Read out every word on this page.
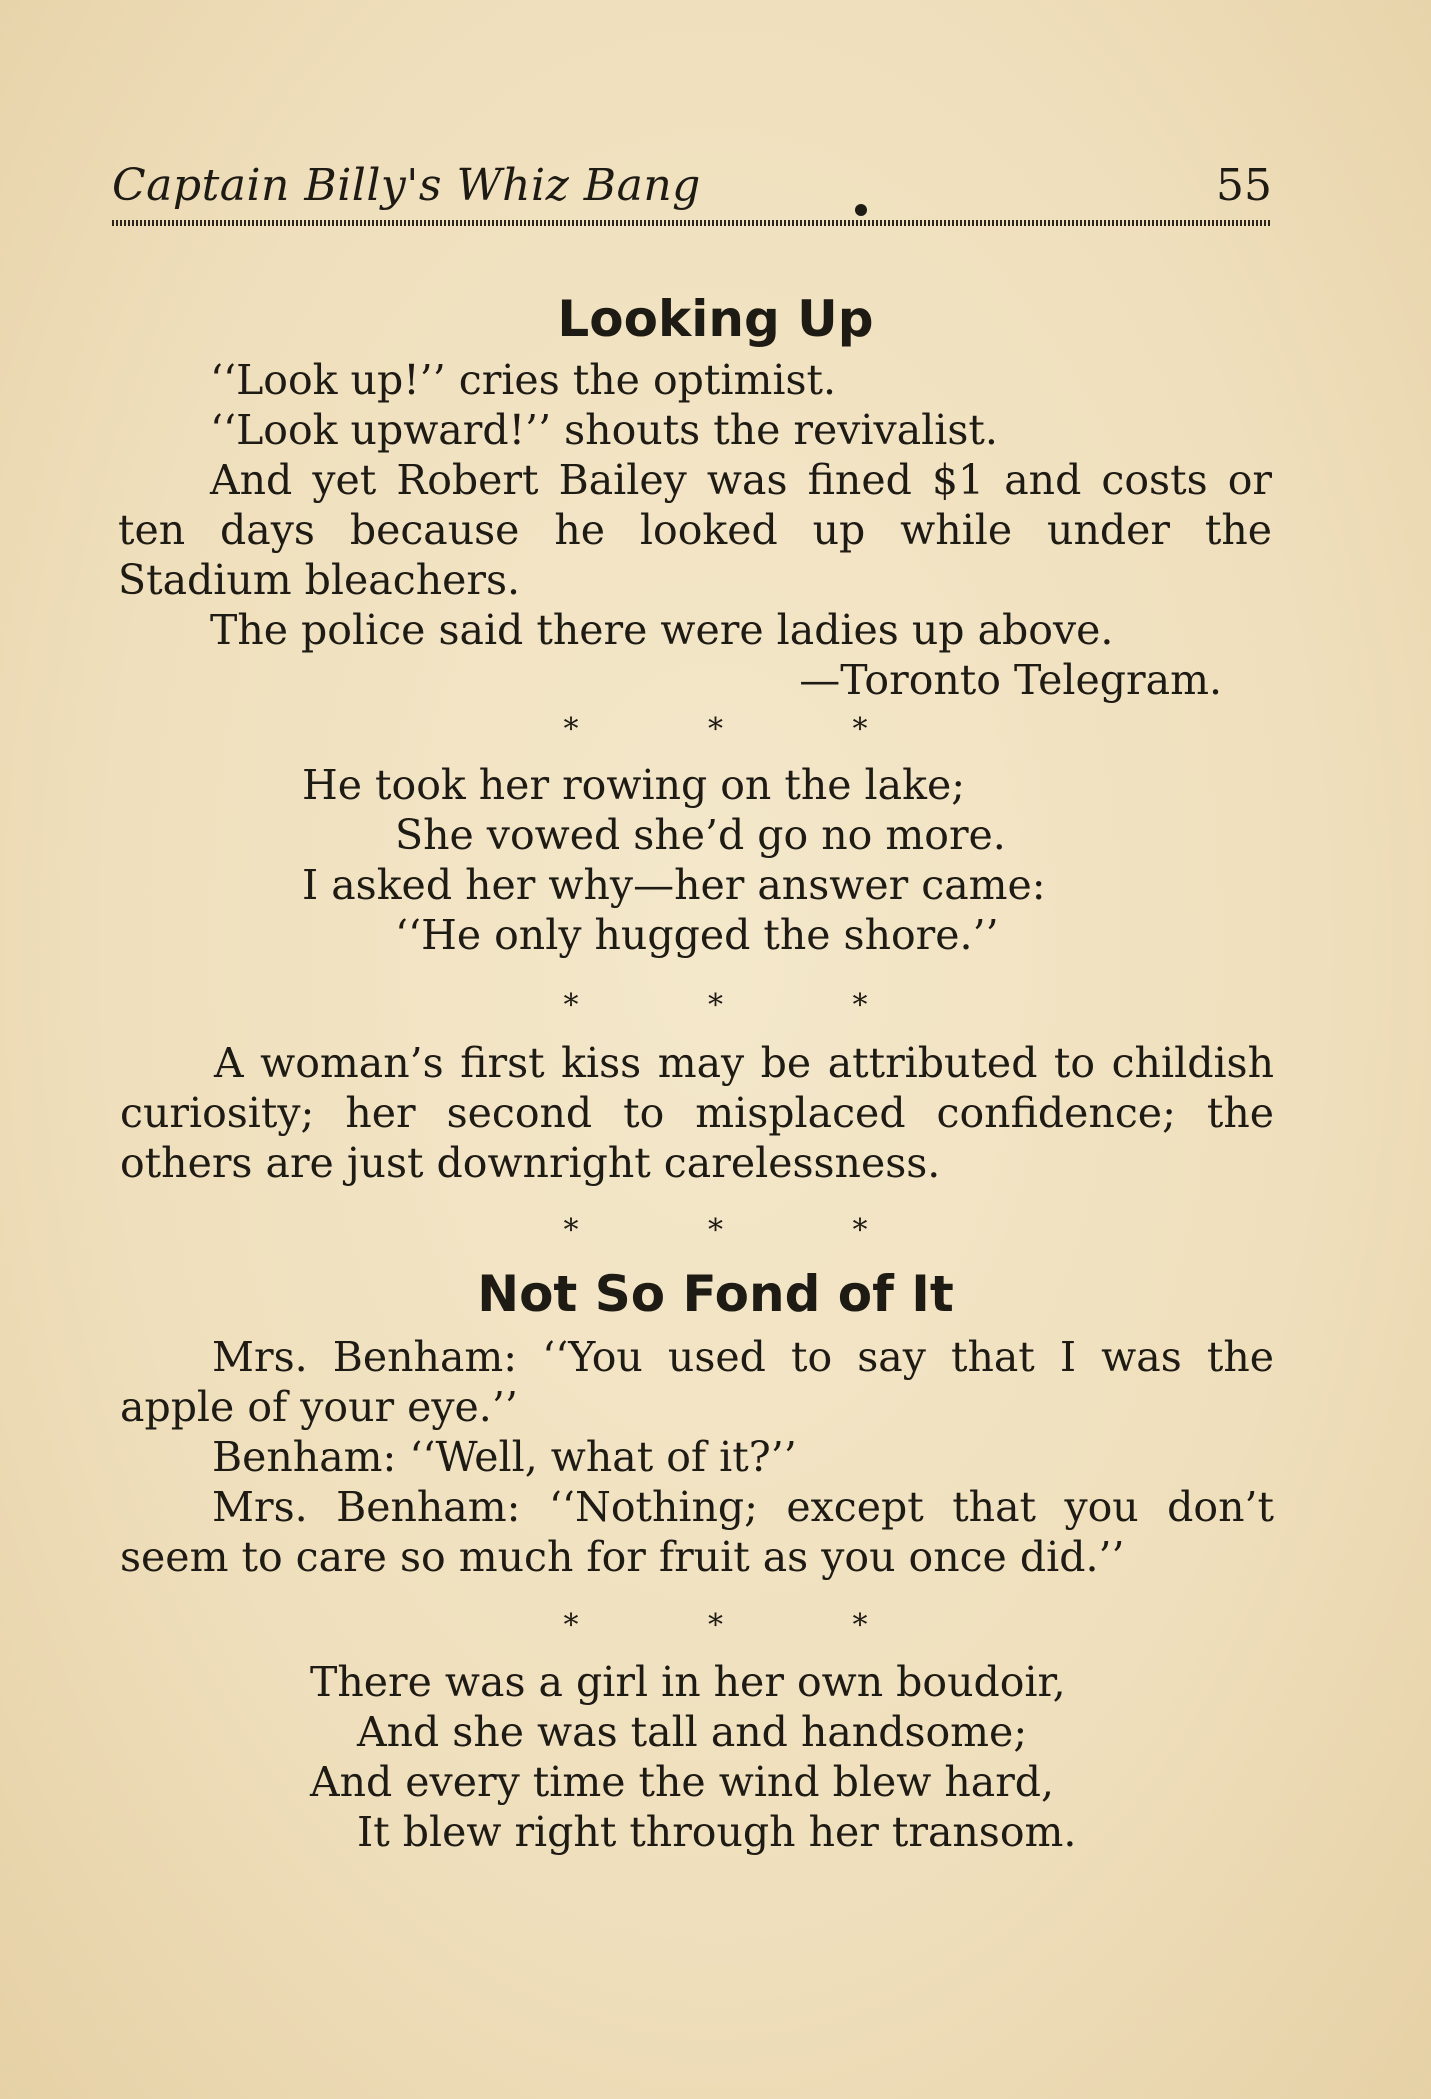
Captain Billy's Whiz Bang	55
Looking Up

‘‘Look up!’’ cries the optimist.

‘‘Look upward!’’ shouts the revivalist.

And yet Robert Bailey was fined $1 and costs or ten days because he looked up while under the Stadium bleachers.

The police said there were ladies up above.

—Toronto Telegram.

* * *
He took her rowing on the lake;
She vowed she’d go no more.
I asked her why—her answer came:
‘‘He only hugged the shore.’’
* * *

A woman’s first kiss may be attributed to childish curiosity; her second to misplaced confidence; the others are just downright carelessness.

* * *
Not So Fond of It

Mrs. Benham: ‘‘You used to say that I was the apple of your eye.’’

Benham: ‘‘Well, what of it?’’

Mrs. Benham: ‘‘Nothing; except that you don’t seem to care so much for fruit as you once did.’’

* * *
There was a girl in her own boudoir,
And she was tall and handsome;
And every time the wind blew hard,
It blew right through her transom.
